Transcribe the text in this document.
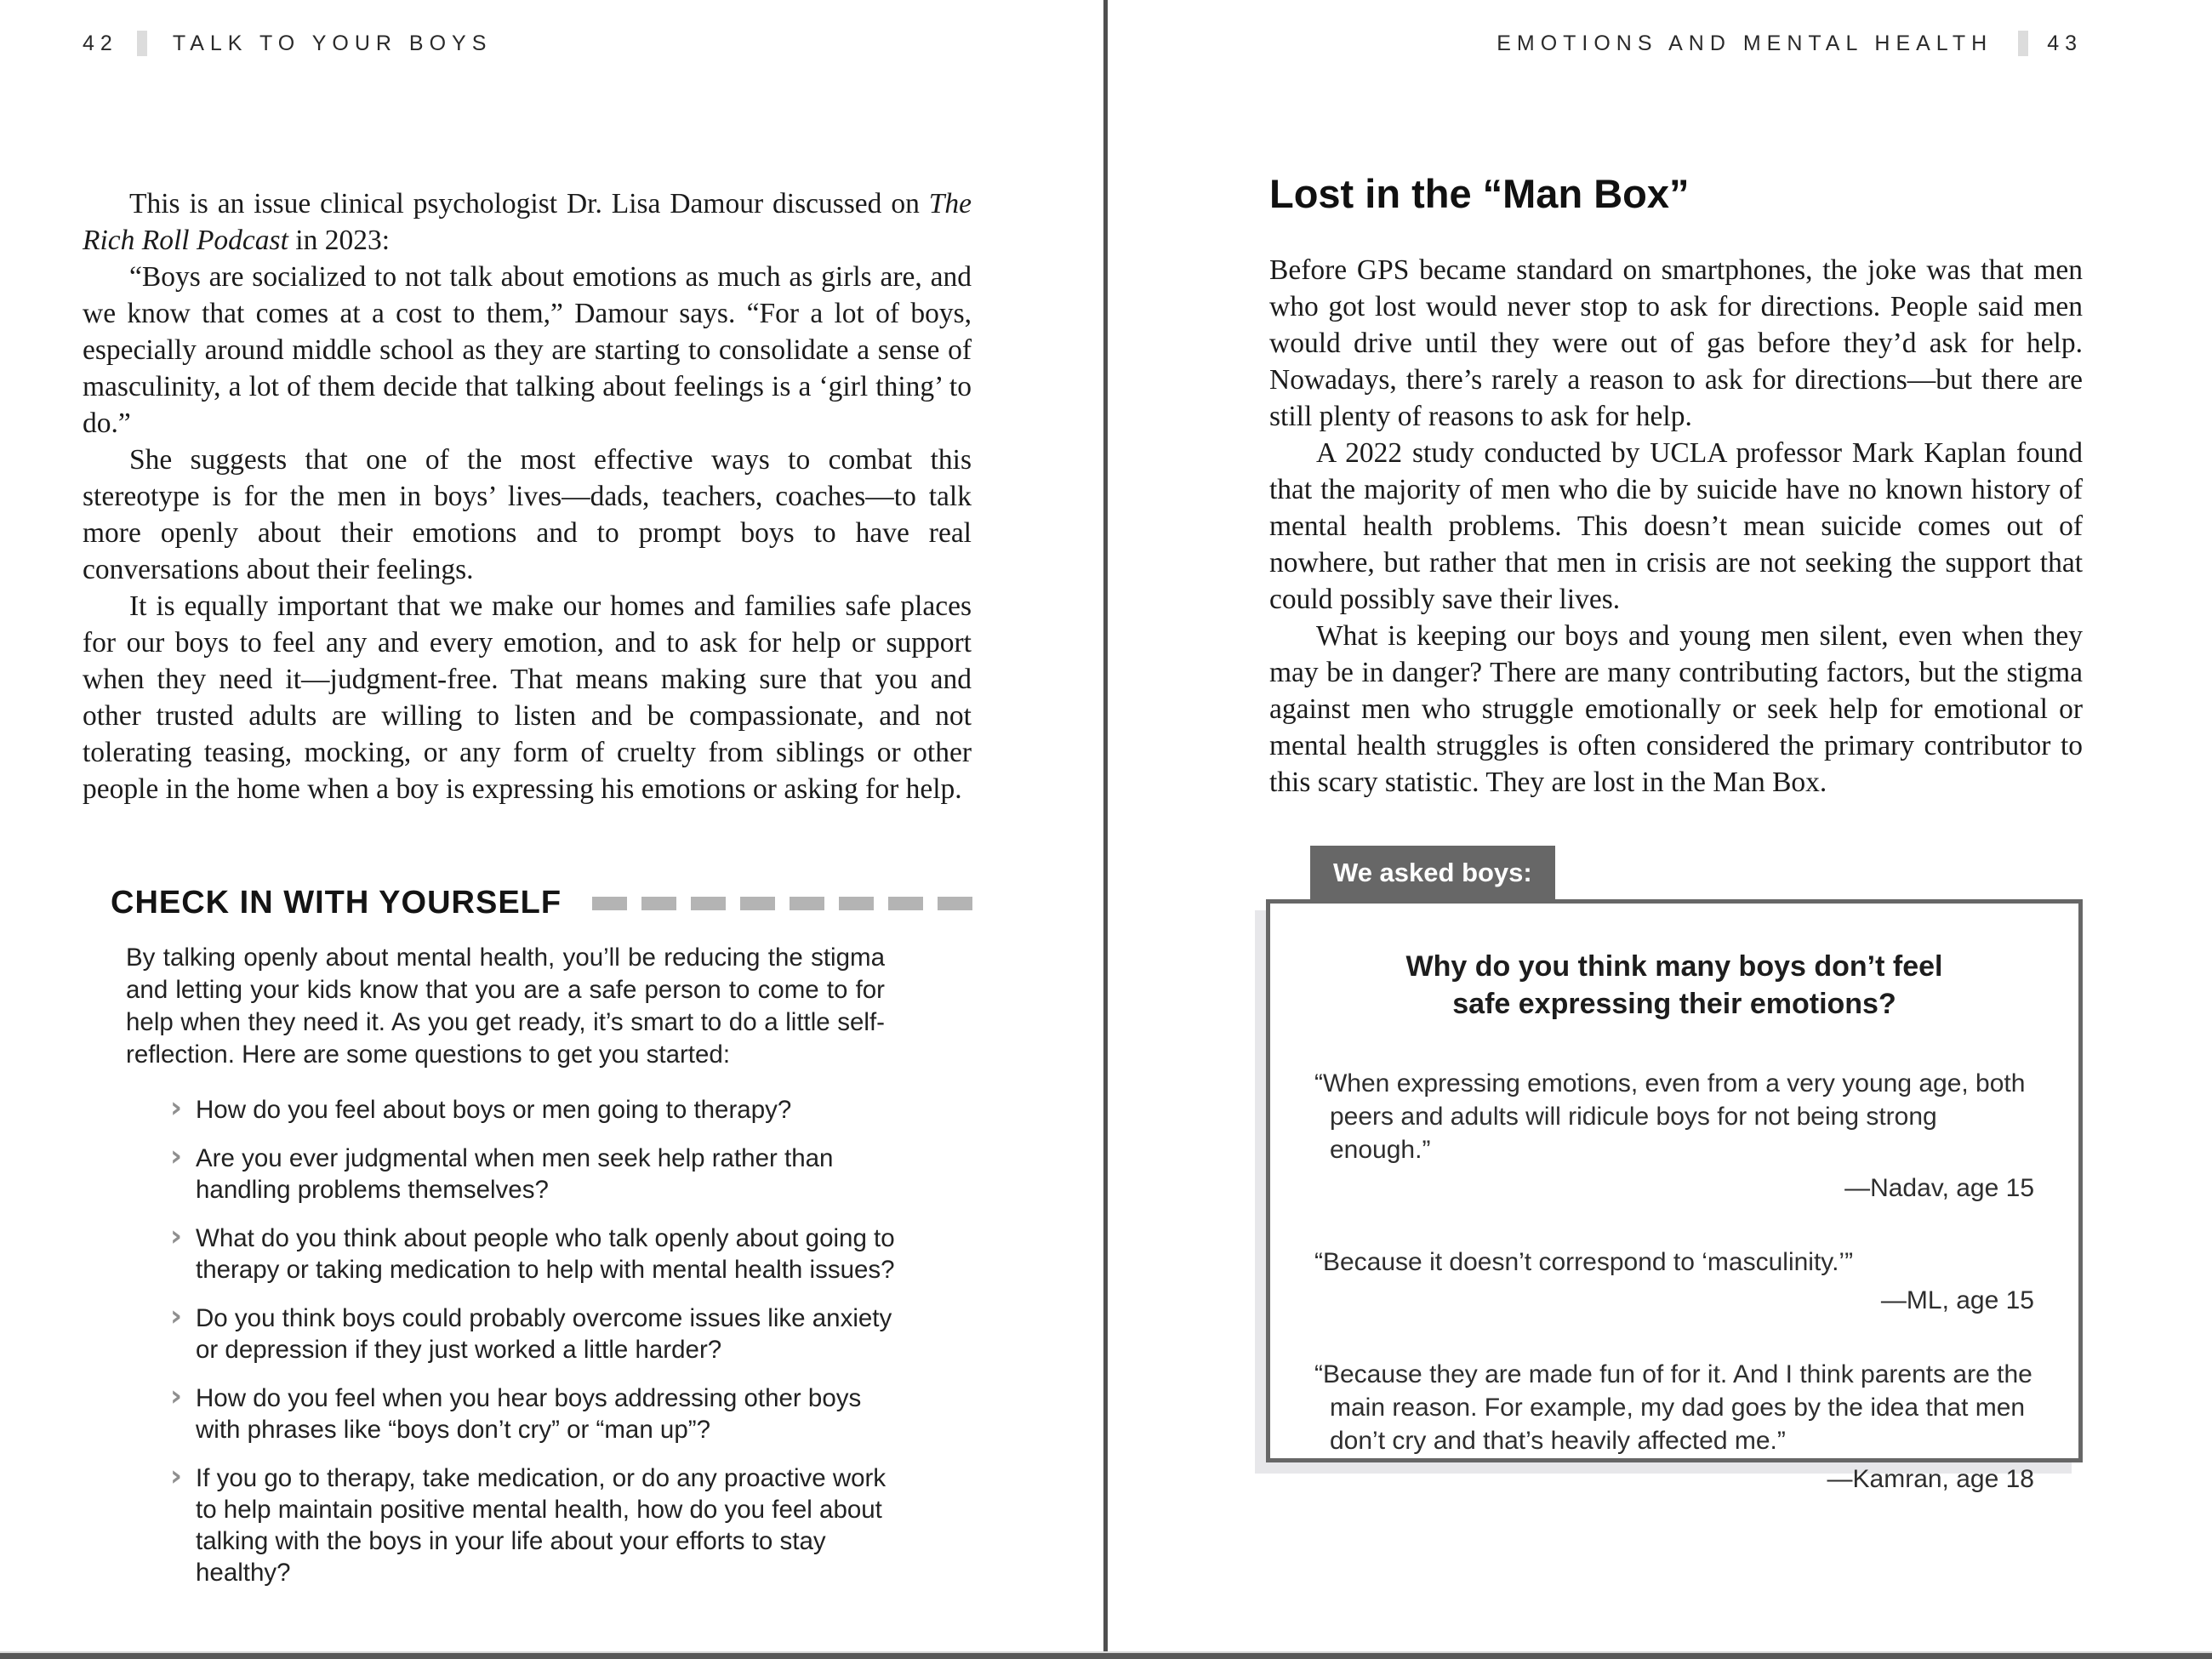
42	TALK TO YOUR BOYS

This is an issue clinical psychologist Dr. Lisa Damour discussed on The Rich Roll Podcast in 2023:

“Boys are socialized to not talk about emotions as much as girls are, and we know that comes at a cost to them,” Damour says. “For a lot of boys, especially around middle school as they are starting to consolidate a sense of masculinity, a lot of them decide that talking about feelings is a ‘girl thing’ to do.”

She suggests that one of the most effective ways to combat this stereotype is for the men in boys’ lives—dads, teachers, coaches—to talk more openly about their emotions and to prompt boys to have real conversations about their feelings.

It is equally important that we make our homes and families safe places for our boys to feel any and every emotion, and to ask for help or support when they need it—judgment-free. That means making sure that you and other trusted adults are willing to listen and be compassionate, and not tolerating teasing, mocking, or any form of cruelty from siblings or other people in the home when a boy is expressing his emotions or asking for help.

CHECK IN WITH YOURSELF

By talking openly about mental health, you’ll be reducing the stigma and letting your kids know that you are a safe person to come to for help when they need it. As you get ready, it’s smart to do a little self-reflection. Here are some questions to get you started:

› How do you feel about boys or men going to therapy?
› Are you ever judgmental when men seek help rather than handling problems themselves?
› What do you think about people who talk openly about going to therapy or taking medication to help with mental health issues?
› Do you think boys could probably overcome issues like anxiety or depression if they just worked a little harder?
› How do you feel when you hear boys addressing other boys with phrases like “boys don’t cry” or “man up”?
› If you go to therapy, take medication, or do any proactive work to help maintain positive mental health, how do you feel about talking with the boys in your life about your efforts to stay healthy?
EMOTIONS AND MENTAL HEALTH	43
Lost in the “Man Box”

Before GPS became standard on smartphones, the joke was that men who got lost would never stop to ask for directions. People said men would drive until they were out of gas before they’d ask for help. Nowadays, there’s rarely a reason to ask for directions—but there are still plenty of reasons to ask for help.

A 2022 study conducted by UCLA professor Mark Kaplan found that the majority of men who die by suicide have no known history of mental health problems. This doesn’t mean suicide comes out of nowhere, but rather that men in crisis are not seeking the support that could possibly save their lives.

What is keeping our boys and young men silent, even when they may be in danger? There are many contributing factors, but the stigma against men who struggle emotionally or seek help for emotional or mental health struggles is often considered the primary contributor to this scary statistic. They are lost in the Man Box.

We asked boys:
Why do you think many boys don’t feel safe expressing their emotions?
“When expressing emotions, even from a very young age, both peers and adults will ridicule boys for not being strong enough.”
—Nadav, age 15
“Because it doesn’t correspond to ‘masculinity.’”
—ML, age 15
“Because they are made fun of for it. And I think parents are the main reason. For example, my dad goes by the idea that men don’t cry and that’s heavily affected me.”
—Kamran, age 18
